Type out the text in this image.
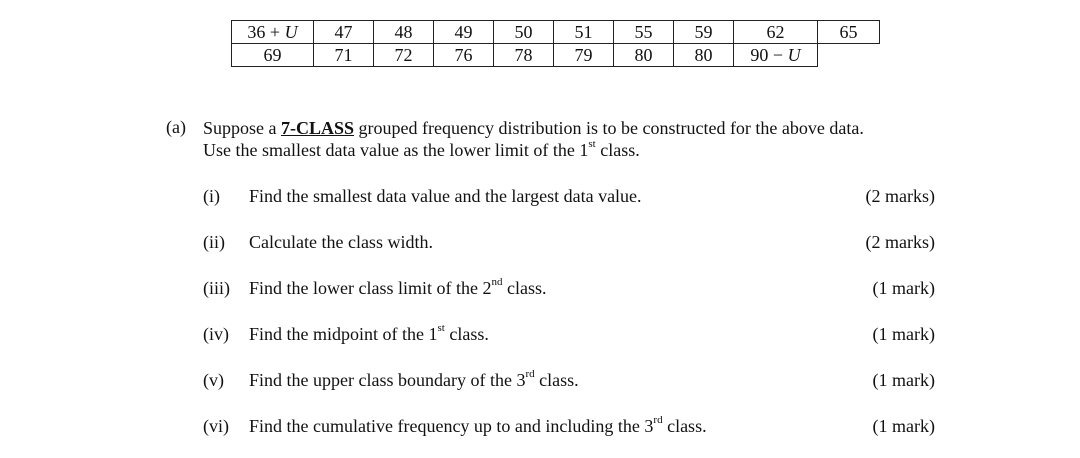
36 + U	47	48	49	50	51	55	59	62	65
69	71	72	76	78	79	80	80	90 − U	
(a) Suppose a 7-CLASS grouped frequency distribution is to be constructed for the above data.
Use the smallest data value as the lower limit of the 1st class.
(i) Find the smallest data value and the largest data value.	(2 marks)
(ii) Calculate the class width.	(2 marks)
(iii) Find the lower class limit of the 2nd class.	(1 mark)
(iv) Find the midpoint of the 1st class.	(1 mark)
(v) Find the upper class boundary of the 3rd class.	(1 mark)
(vi) Find the cumulative frequency up to and including the 3rd class.	(1 mark)
